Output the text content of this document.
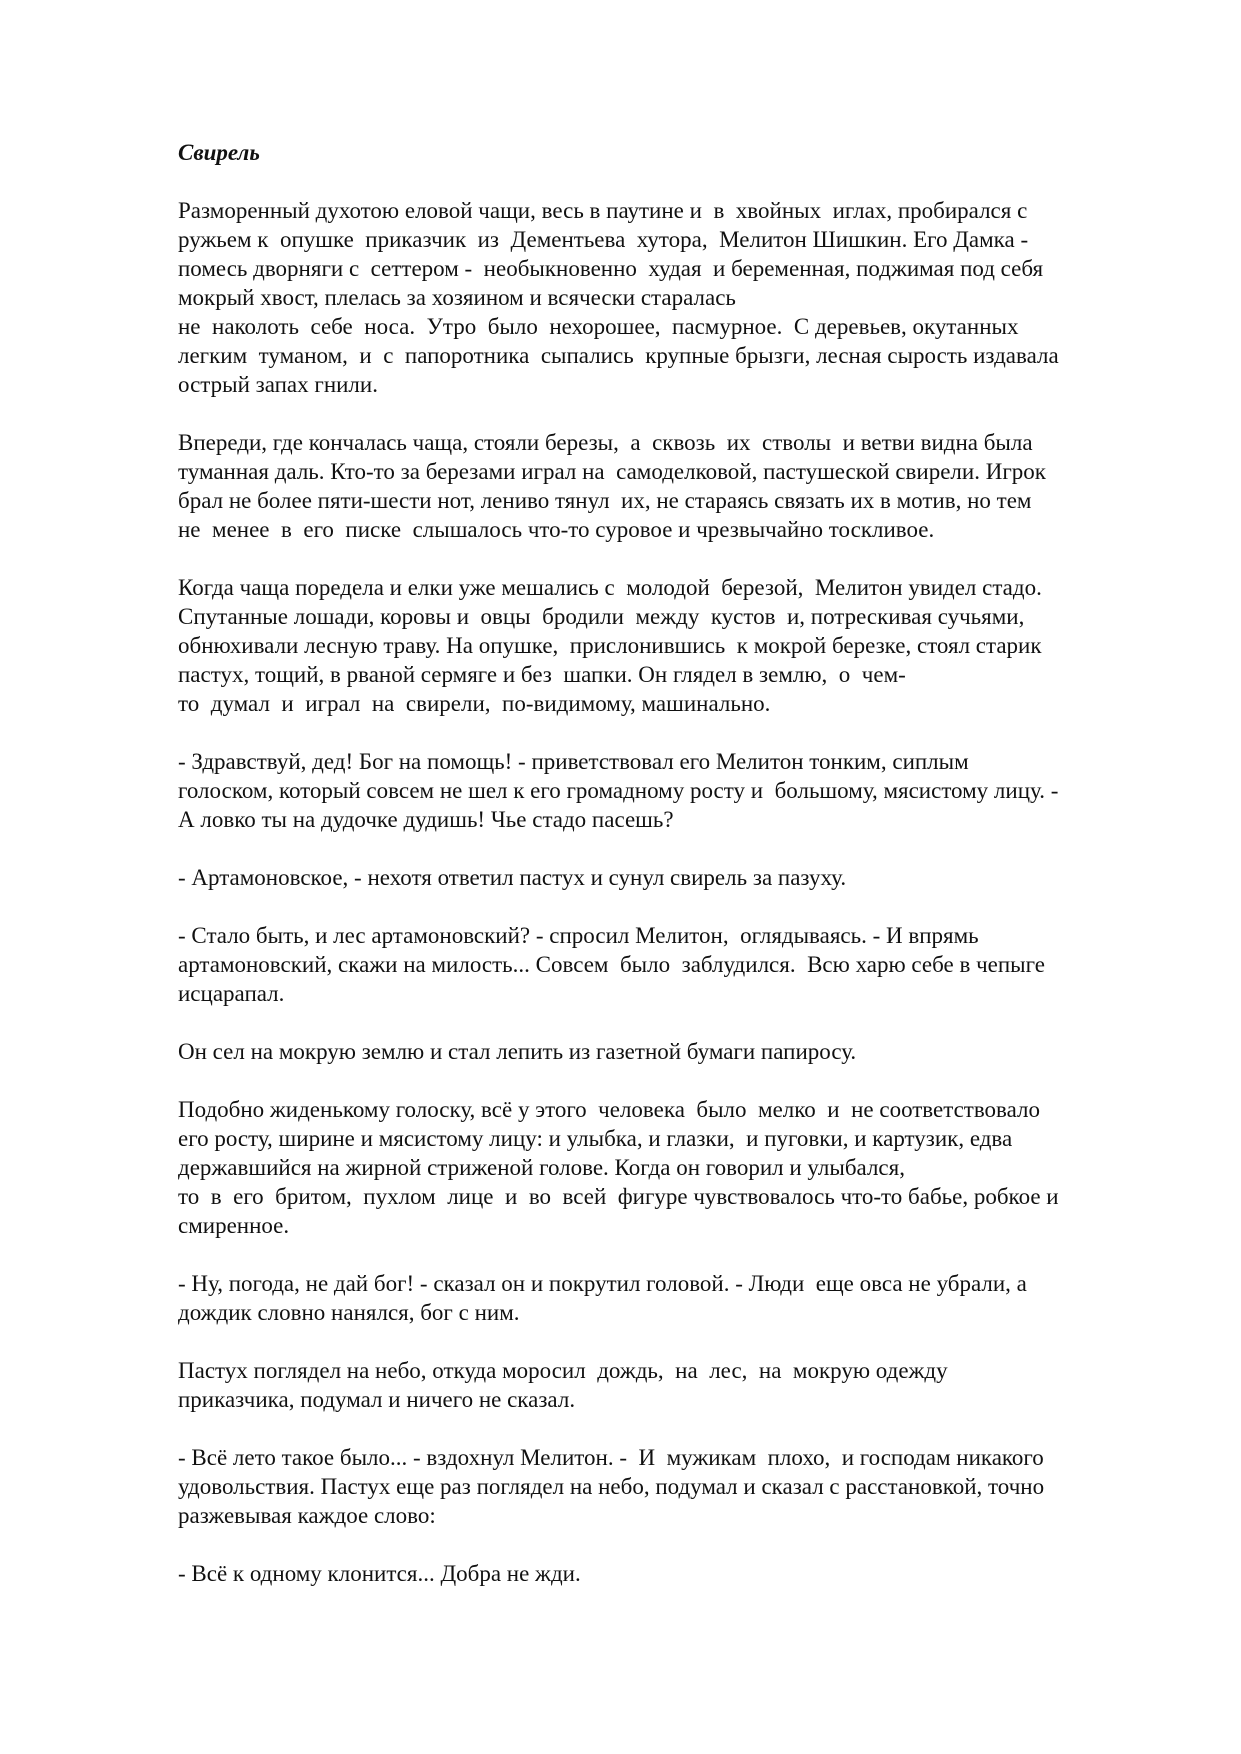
Свирель
Разморенный духотою еловой чащи, весь в паутине и  в  хвойных  иглах, пробирался с
ружьем к  опушке  приказчик  из  Дементьева  хутора,  Мелитон Шишкин. Его Дамка -
помесь дворняги с  сеттером -  необыкновенно  худая  и беременная, поджимая под себя
мокрый хвост, плелась за хозяином и всячески старалась
не  наколоть  себе  носа.  Утро  было  нехорошее,  пасмурное.  С деревьев, окутанных
легким  туманом,  и  с  папоротника  сыпались  крупные брызги, лесная сырость издавала
острый запах гнили.
Впереди, где кончалась чаща, стояли березы,  а  сквозь  их  стволы  и ветви видна была
туманная даль. Кто-то за березами играл на  самоделковой, пастушеской свирели. Игрок
брал не более пяти-шести нот, лениво тянул  их, не стараясь связать их в мотив, но тем
не  менее  в  его  писке  слышалось что-то суровое и чрезвычайно тоскливое.
Когда чаща поредела и елки уже мешались с  молодой  березой,  Мелитон увидел стадо.
Спутанные лошади, коровы и  овцы  бродили  между  кустов  и, потрескивая сучьями,
обнюхивали лесную траву. На опушке,  прислонившись  к мокрой березке, стоял старик
пастух, тощий, в рваной сермяге и без  шапки. Он глядел в землю,  о  чем-
то  думал  и  играл  на  свирели,  по-видимому, машинально.
- Здравствуй, дед! Бог на помощь! - приветствовал его Мелитон тонким, сиплым
голоском, который совсем не шел к его громадному росту и  большому, мясистому лицу. -
А ловко ты на дудочке дудишь! Чье стадо пасешь?
- Артамоновское, - нехотя ответил пастух и сунул свирель за пазуху.
- Стало быть, и лес артамоновский? - спросил Мелитон,  оглядываясь. - И впрямь
артамоновский, скажи на милость... Совсем  было  заблудился.  Всю харю себе в чепыге
исцарапал.
Он сел на мокрую землю и стал лепить из газетной бумаги папиросу.
Подобно жиденькому голоску, всё у этого  человека  было  мелко  и  не соответствовало
его росту, ширине и мясистому лицу: и улыбка, и глазки,  и пуговки, и картузик, едва
державшийся на жирной стриженой голове. Когда он говорил и улыбался,
то  в  его  бритом,  пухлом  лице  и  во  всей  фигуре чувствовалось что-то бабье, робкое и
смиренное.
- Ну, погода, не дай бог! - сказал он и покрутил головой. - Люди  еще овса не убрали, а
дождик словно нанялся, бог с ним.
Пастух поглядел на небо, откуда моросил  дождь,  на  лес,  на  мокрую одежду
приказчика, подумал и ничего не сказал.
- Всё лето такое было... - вздохнул Мелитон. -  И  мужикам  плохо,  и господам никакого
удовольствия. Пастух еще раз поглядел на небо, подумал и сказал с расстановкой, точно
разжевывая каждое слово:
- Всё к одному клонится... Добра не жди.
